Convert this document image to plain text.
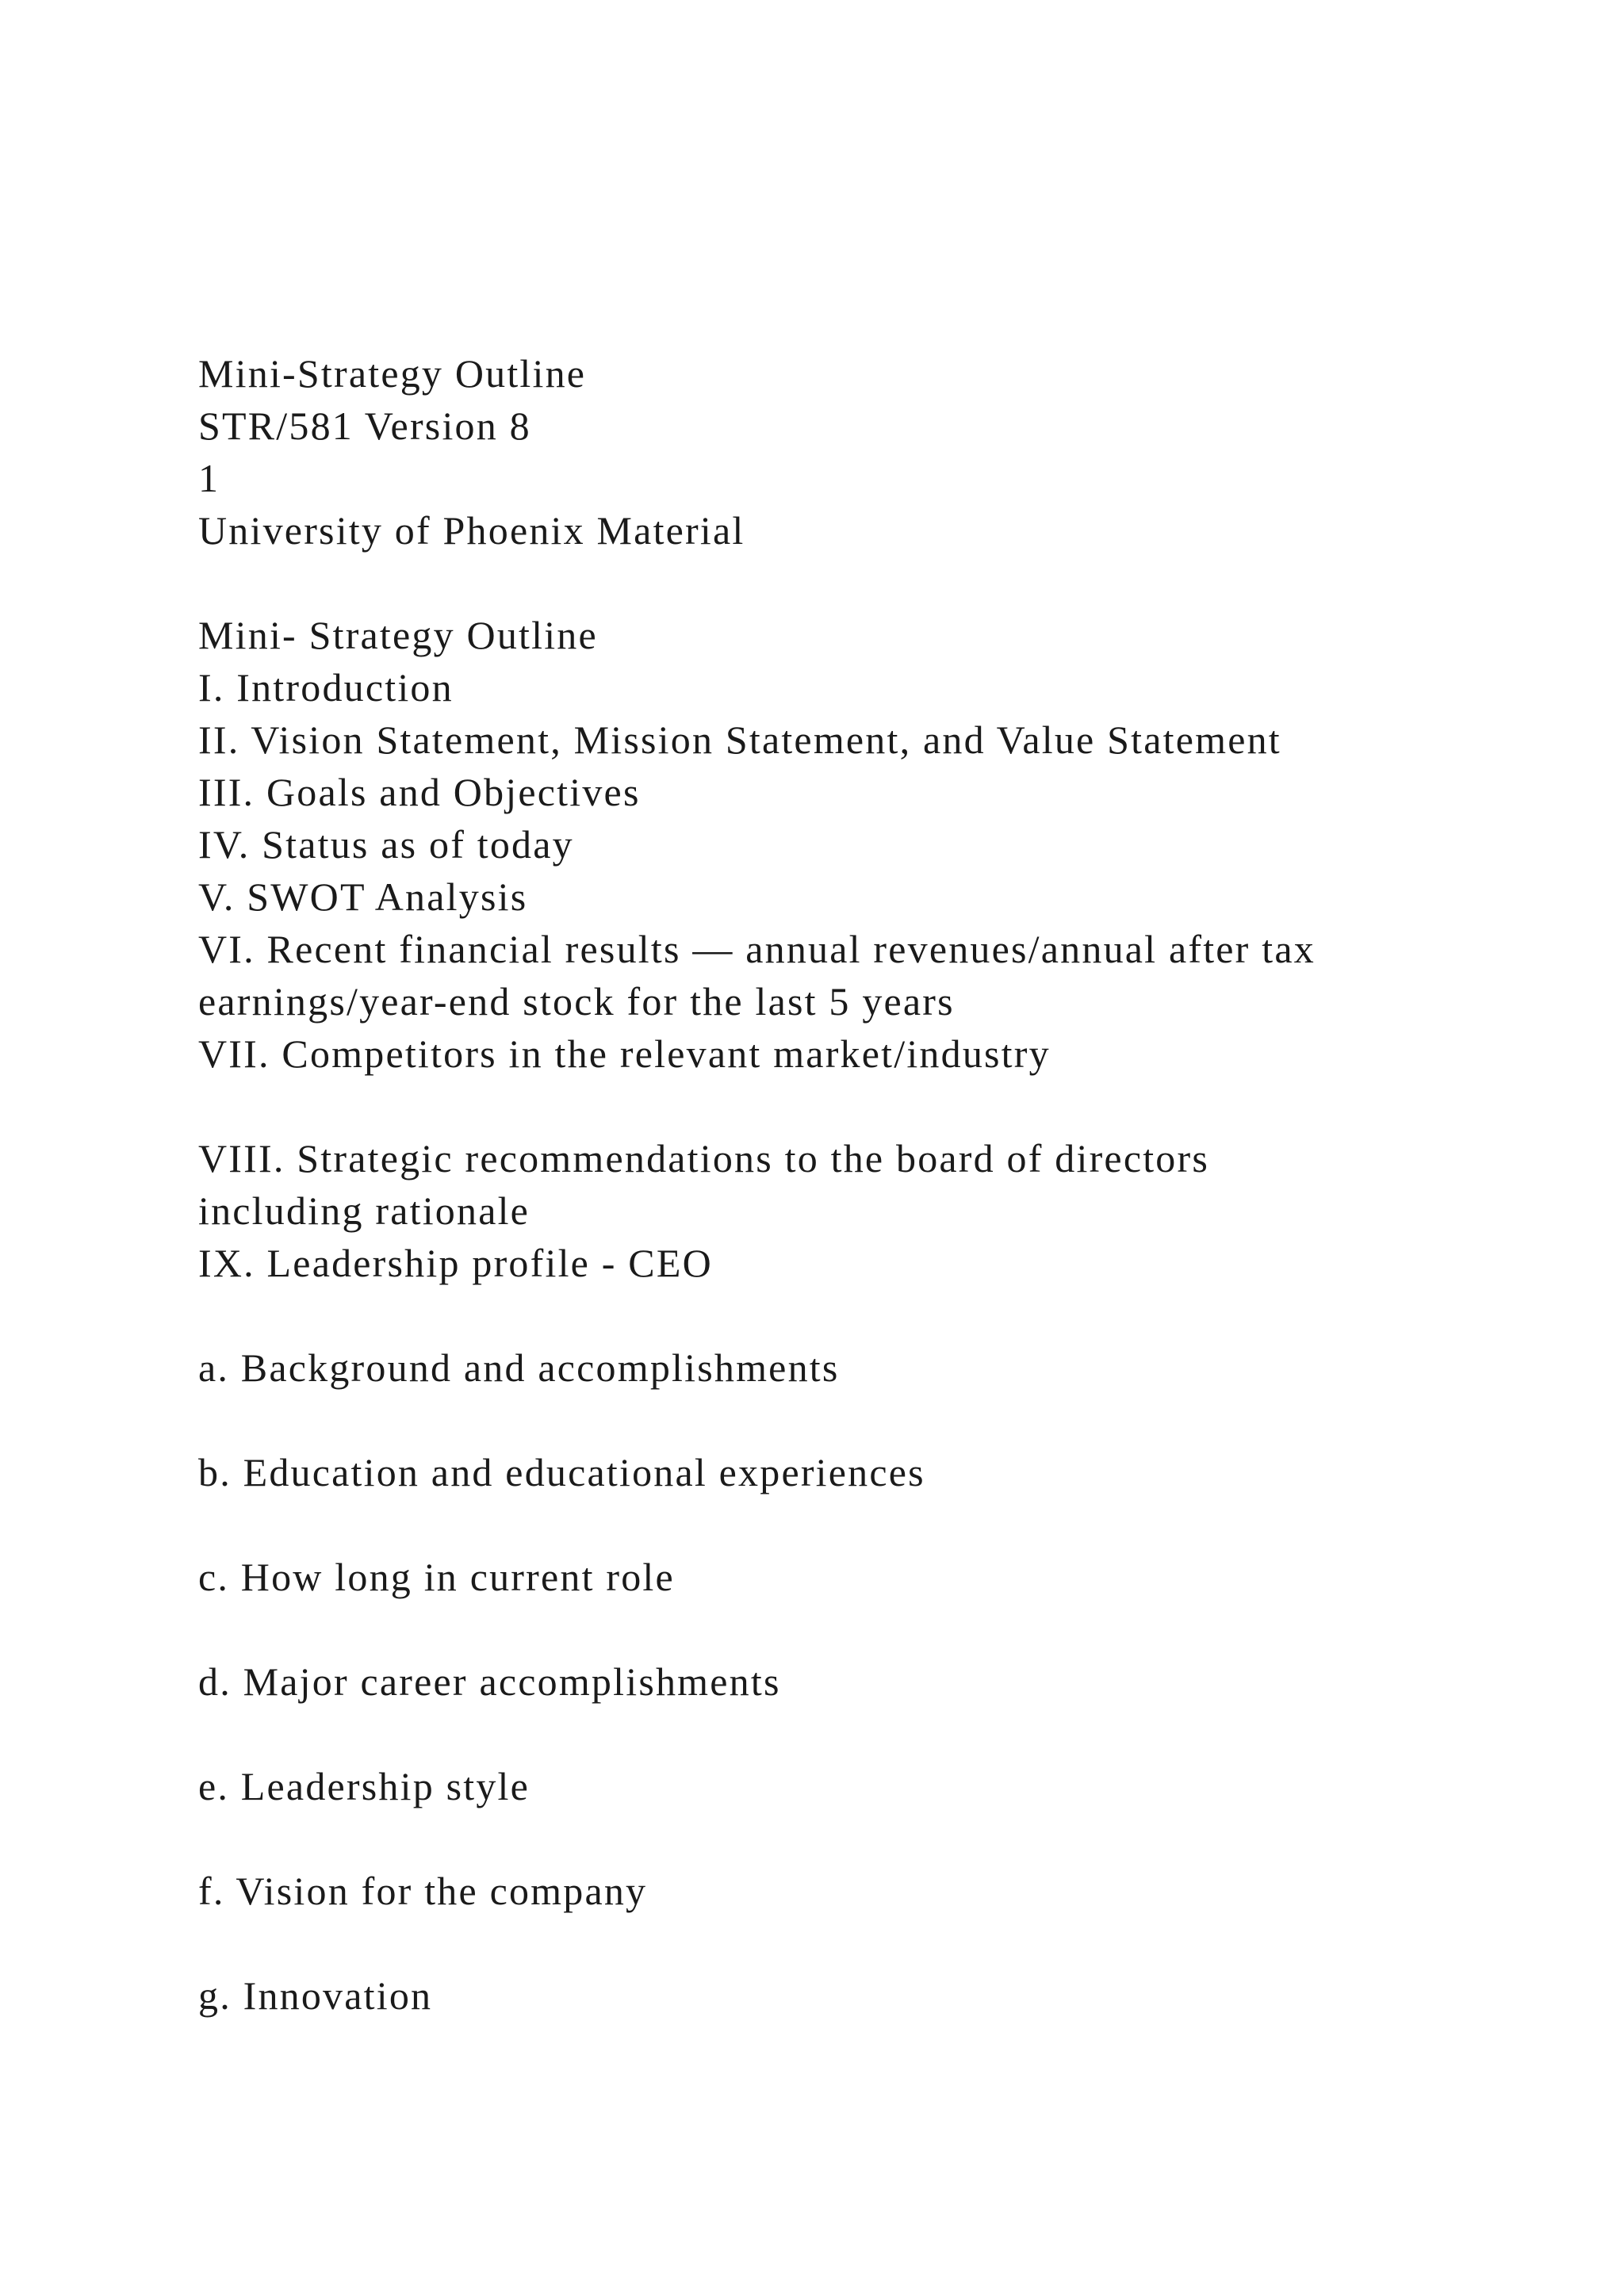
Mini-Strategy Outline
STR/581 Version 8
1
University of Phoenix Material
Mini- Strategy Outline
I. Introduction
II. Vision Statement, Mission Statement, and Value Statement
III. Goals and Objectives
IV. Status as of today
V. SWOT Analysis
VI. Recent financial results — annual revenues/annual after tax
earnings/year-end stock for the last 5 years
VII. Competitors in the relevant market/industry
VIII. Strategic recommendations to the board of directors
including rationale
IX. Leadership profile - CEO
a. Background and accomplishments
b. Education and educational experiences
c. How long in current role
d. Major career accomplishments
e. Leadership style
f. Vision for the company
g. Innovation
